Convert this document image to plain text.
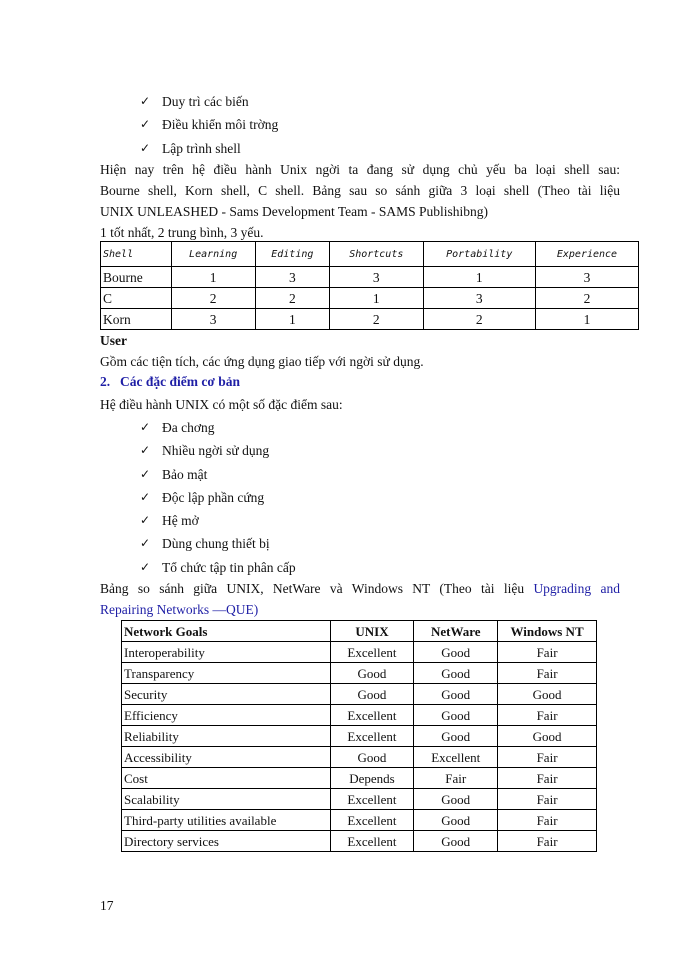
✓ Duy trì các biến
✓ Điều khiển môi trờng
✓ Lập trình shell
Hiện nay trên hệ điều hành Unix ngời ta đang sử dụng chủ yếu ba loại shell sau:
Bourne shell, Korn shell, C shell. Bảng sau so sánh giữa 3 loại shell (Theo tài liệu
UNIX UNLEASHED - Sams Development Team - SAMS Publishibng)
1 tốt nhất, 2 trung bình, 3 yếu.
Shell	Learning	Editing	Shortcuts	Portability	Experience
Bourne	1	3	3	1	3
C	2	2	1	3	2
Korn	3	1	2	2	1
User
Gồm các tiện tích, các ứng dụng giao tiếp với ngời sử dụng.
2. Các đặc điểm cơ bản
Hệ điều hành UNIX có một số đặc điểm sau:
✓ Đa chơng
✓ Nhiều ngời sử dụng
✓ Bảo mật
✓ Độc lập phần cứng
✓ Hệ mở
✓ Dùng chung thiết bị
✓ Tổ chức tập tin phân cấp
Bảng so sánh giữa UNIX, NetWare và Windows NT (Theo tài liệu Upgrading and
Repairing Networks —QUE)
Network Goals	UNIX	NetWare	Windows NT
Interoperability	Excellent	Good	Fair
Transparency	Good	Good	Fair
Security	Good	Good	Good
Efficiency	Excellent	Good	Fair
Reliability	Excellent	Good	Good
Accessibility	Good	Excellent	Fair
Cost	Depends	Fair	Fair
Scalability	Excellent	Good	Fair
Third-party utilities available	Excellent	Good	Fair
Directory services	Excellent	Good	Fair
17
